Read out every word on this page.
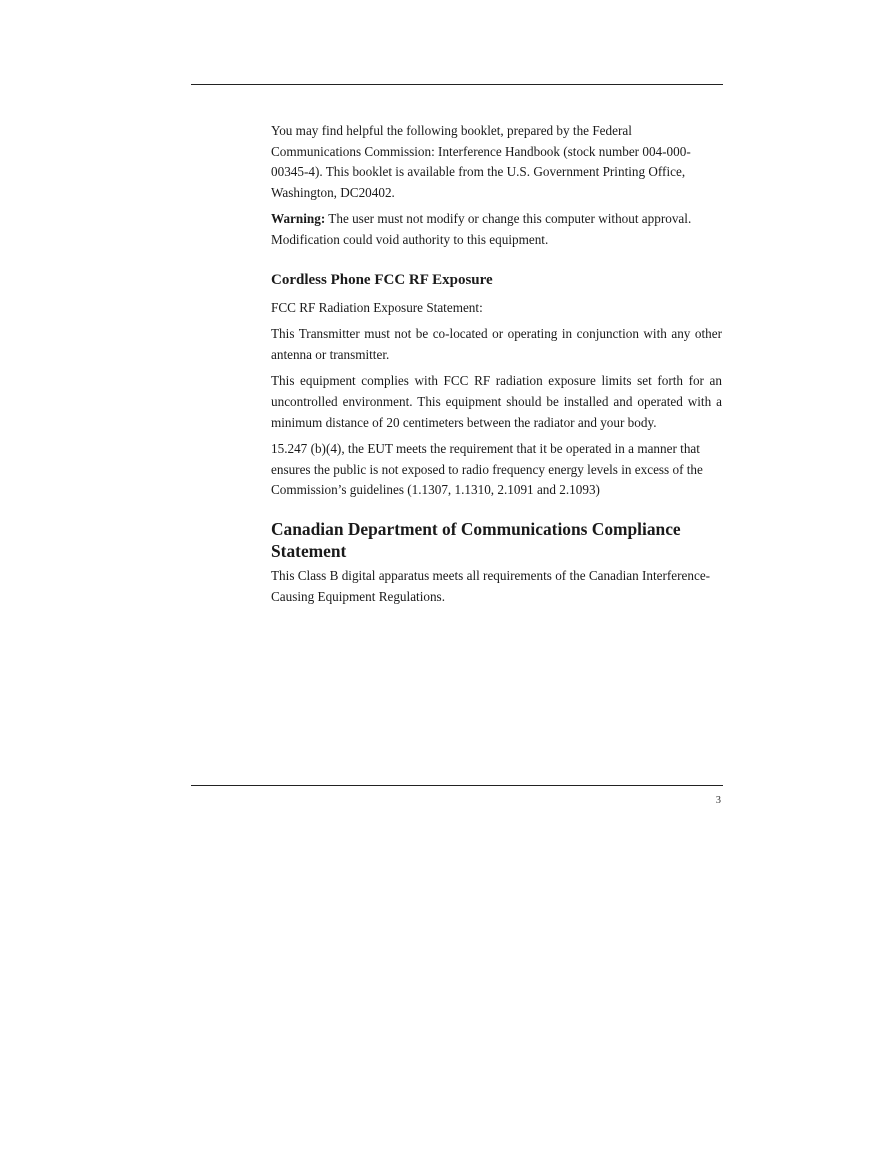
You may find helpful the following booklet, prepared by the Federal Communications Commission: Interference Handbook (stock number 004-000-00345-4). This booklet is available from the U.S. Government Printing Office, Washington, DC20402.

Warning: The user must not modify or change this computer without approval. Modification could void authority to this equipment.

Cordless Phone FCC RF Exposure

FCC RF Radiation Exposure Statement:

This Transmitter must not be co-located or operating in conjunction with any other antenna or transmitter.

This equipment complies with FCC RF radiation exposure limits set forth for an uncontrolled environment. This equipment should be installed and operated with a minimum distance of 20 centimeters between the radiator and your body.

15.247 (b)(4), the EUT meets the requirement that it be operated in a manner that ensures the public is not exposed to radio frequency energy levels in excess of the Commission’s guidelines (1.1307, 1.1310, 2.1091 and 2.1093)

Canadian Department of Communications Compliance Statement

This Class B digital apparatus meets all requirements of the Canadian Interference-Causing Equipment Regulations.

3
